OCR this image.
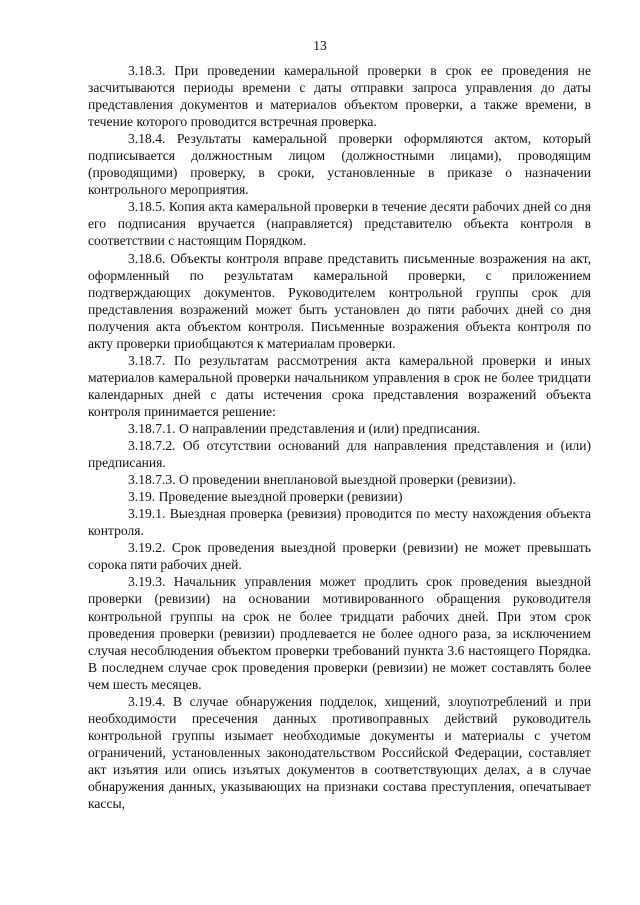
13

3.18.3. При проведении камеральной проверки в срок ее проведения не засчитываются периоды времени с даты отправки запроса управления до даты представления документов и материалов объектом проверки, а также времени, в течение которого проводится встречная проверка.

3.18.4. Результаты камеральной проверки оформляются актом, который подписывается должностным лицом (должностными лицами), проводящим (проводящими) проверку, в сроки, установленные в приказе о назначении контрольного мероприятия.

3.18.5. Копия акта камеральной проверки в течение десяти рабочих дней со дня его подписания вручается (направляется) представителю объекта контроля в соответствии с настоящим Порядком.

3.18.6. Объекты контроля вправе представить письменные возражения на акт, оформленный по результатам камеральной проверки, с приложением подтверждающих документов. Руководителем контрольной группы срок для представления возражений может быть установлен до пяти рабочих дней со дня получения акта объектом контроля. Письменные возражения объекта контроля по акту проверки приобщаются к материалам проверки.

3.18.7. По результатам рассмотрения акта камеральной проверки и иных материалов камеральной проверки начальником управления в срок не более тридцати календарных дней с даты истечения срока представления возражений объекта контроля принимается решение:

3.18.7.1. О направлении представления и (или) предписания.

3.18.7.2. Об отсутствии оснований для направления представления и (или) предписания.

3.18.7.3. О проведении внеплановой выездной проверки (ревизии).

3.19. Проведение выездной проверки (ревизии)

3.19.1. Выездная проверка (ревизия) проводится по месту нахождения объекта контроля.

3.19.2. Срок проведения выездной проверки (ревизии) не может превышать сорока пяти рабочих дней.

3.19.3. Начальник управления может продлить срок проведения выездной проверки (ревизии) на основании мотивированного обращения руководителя контрольной группы на срок не более тридцати рабочих дней. При этом срок проведения проверки (ревизии) продлевается не более одного раза, за исключением случая несоблюдения объектом проверки требований пункта 3.6 настоящего Порядка. В последнем случае срок проведения проверки (ревизии) не может составлять более чем шесть месяцев.

3.19.4. В случае обнаружения подделок, хищений, злоупотреблений и при необходимости пресечения данных противоправных действий руководитель контрольной группы изымает необходимые документы и материалы с учетом ограничений, установленных законодательством Российской Федерации, составляет акт изъятия или опись изъятых документов в соответствующих делах, а в случае обнаружения данных, указывающих на признаки состава преступления, опечатывает кассы,
